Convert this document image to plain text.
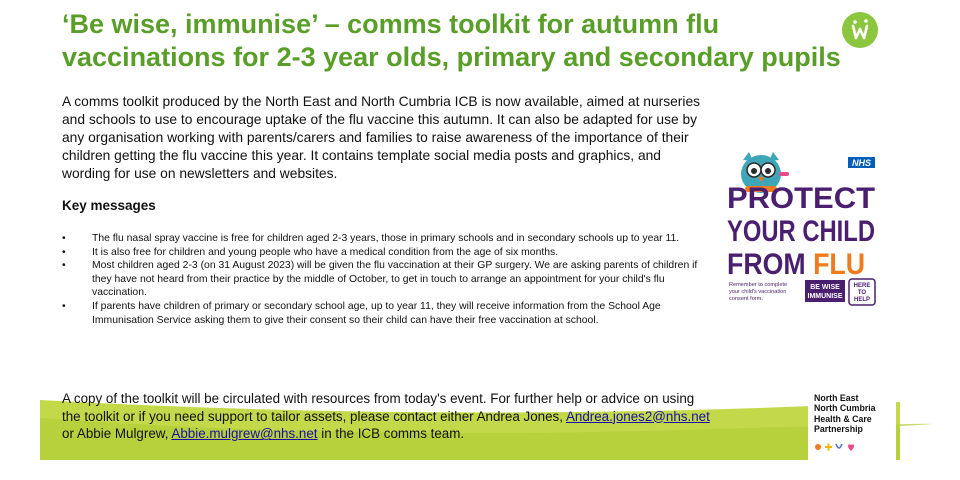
‘Be wise, immunise’ – comms toolkit for autumn flu vaccinations for 2-3 year olds, primary and secondary pupils

A comms toolkit produced by the North East and North Cumbria ICB is now available, aimed at nurseries and schools to use to encourage uptake of the flu vaccine this autumn. It can also be adapted for use by any organisation working with parents/carers and families to raise awareness of the importance of their children getting the flu vaccine this year. It contains template social media posts and graphics, and wording for use on newsletters and websites.

Key messages
•	The flu nasal spray vaccine is free for children aged 2-3 years, those in primary schools and in secondary schools up to year 11.
•	It is also free for children and young people who have a medical condition from the age of six months.
•	Most children aged 2-3 (on 31 August 2023) will be given the flu vaccination at their GP surgery. We are asking parents of children if they have not heard from their practice by the middle of October, to get in touch to arrange an appointment for your child's flu vaccination.
•	If parents have children of primary or secondary school age, up to year 11, they will receive information from the School Age Immunisation Service asking them to give their consent so their child can have their free vaccination at school.
NHS
PROTECT
YOUR CHILD
FROM FLU
Remember to complete
your child's vaccination
consent form.
BE WISE
IMMUNISE
HERE
TO
HELP

A copy of the toolkit will be circulated with resources from today's event. For further help or advice on using the toolkit or if you need support to tailor assets, please contact either Andrea Jones, Andrea.jones2@nhs.net or Abbie Mulgrew, Abbie.mulgrew@nhs.net in the ICB comms team.

North East
North Cumbria
Health & Care
Partnership
